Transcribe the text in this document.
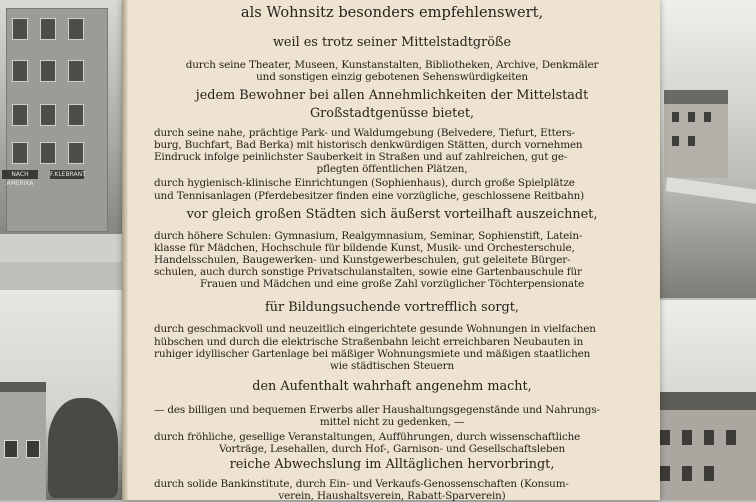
NACH AMERIKA
F.KLEBRANT
als Wohnsitz besonders empfehlenswert,
weil es trotz seiner Mittelstadtgröße
durch seine Theater, Museen, Kunstanstalten, Bibliotheken, Archive, Denkmäler
und sonstigen einzig gebotenen Sehenswürdigkeiten
jedem Bewohner bei allen Annehmlichkeiten der Mittelstadt
Großstadtgenüsse bietet,
durch seine nahe, prächtige Park- und Waldumgebung (Belvedere, Tiefurt, Etters-
burg, Buchfart, Bad Berka) mit historisch denkwürdigen Stätten, durch vornehmen
Eindruck infolge peinlichster Sauberkeit in Straßen und auf zahlreichen, gut ge-
pflegten öffentlichen Plätzen,
durch hygienisch-klinische Einrichtungen (Sophienhaus), durch große Spielplätze
und Tennisanlagen (Pferdebesitzer finden eine vorzügliche, geschlossene Reitbahn)
vor gleich großen Städten sich äußerst vorteilhaft auszeichnet,
durch höhere Schulen: Gymnasium, Realgymnasium, Seminar, Sophienstift, Latein-
klasse für Mädchen, Hochschule für bildende Kunst, Musik- und Orchesterschule,
Handelsschulen, Baugewerken- und Kunstgewerbeschulen, gut geleitete Bürger-
schulen, auch durch sonstige Privatschulanstalten, sowie eine Gartenbauschule für
Frauen und Mädchen und eine große Zahl vorzüglicher Töchterpensionate
für Bildungsuchende vortrefflich sorgt,
durch geschmackvoll und neuzeitlich eingerichtete gesunde Wohnungen in vielfachen
hübschen und durch die elektrische Straßenbahn leicht erreichbaren Neubauten in
ruhiger idyllischer Gartenlage bei mäßiger Wohnungsmiete und mäßigen staatlichen
wie städtischen Steuern
den Aufenthalt wahrhaft angenehm macht,
— des billigen und bequemen Erwerbs aller Haushaltungsgegenstände und Nahrungs-
mittel nicht zu gedenken, —
durch fröhliche, gesellige Veranstaltungen, Aufführungen, durch wissenschaftliche
Vorträge, Lesehallen, durch Hof-, Garnison- und Gesellschaftsleben
reiche Abwechslung im Alltäglichen hervorbringt,
durch solide Bankinstitute, durch Ein- und Verkaufs-Genossenschaften (Konsum-
verein, Haushaltsverein, Rabatt-Sparverein)
